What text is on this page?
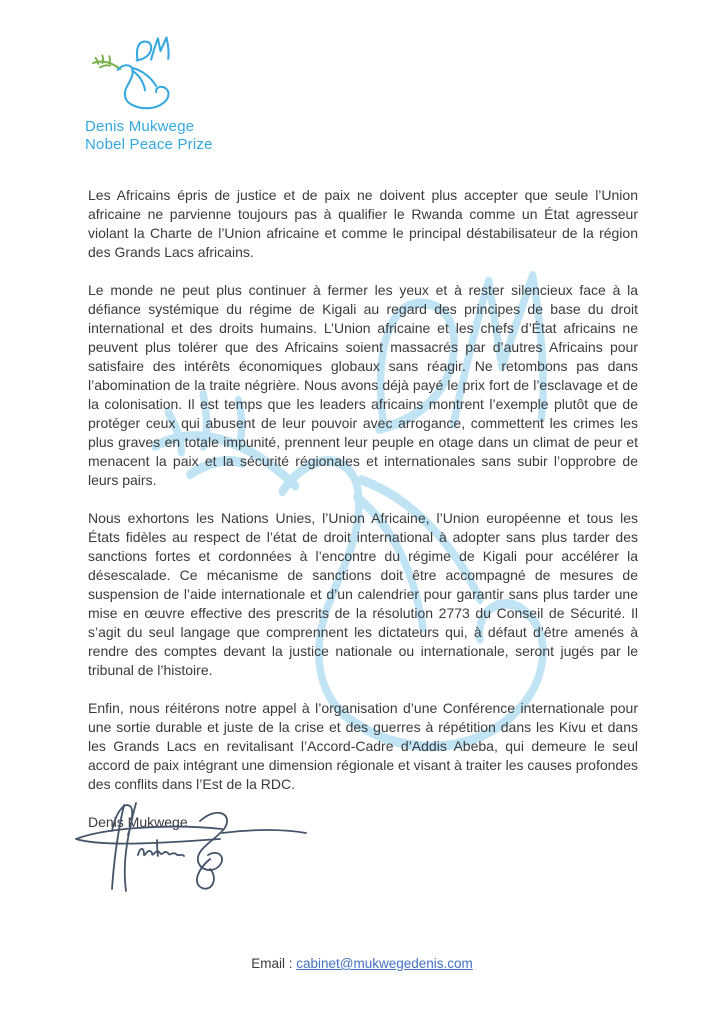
Denis Mukwege
Nobel Peace Prize

Les Africains épris de justice et de paix ne doivent plus accepter que seule l’Union africaine ne parvienne toujours pas à qualifier le Rwanda comme un État agresseur violant la Charte de l’Union africaine et comme le principal déstabilisateur de la région des Grands Lacs africains.

Le monde ne peut plus continuer à fermer les yeux et à rester silencieux face à la défiance systémique du régime de Kigali au regard des principes de base du droit international et des droits humains. L’Union africaine et les chefs d’État africains ne peuvent plus tolérer que des Africains soient massacrés par d’autres Africains pour satisfaire des intérêts économiques globaux sans réagir. Ne retombons pas dans l’abomination de la traite négrière. Nous avons déjà payé le prix fort de l’esclavage et de la colonisation. Il est temps que les leaders africains montrent l’exemple plutôt que de protéger ceux qui abusent de leur pouvoir avec arrogance, commettent les crimes les plus graves en totale impunité, prennent leur peuple en otage dans un climat de peur et menacent la paix et la sécurité régionales et internationales sans subir l’opprobre de leurs pairs.

Nous exhortons les Nations Unies, l’Union Africaine, l’Union européenne et tous les États fidèles au respect de l’état de droit international à adopter sans plus tarder des sanctions fortes et cordonnées à l’encontre du régime de Kigali pour accélérer la désescalade. Ce mécanisme de sanctions doit être accompagné de mesures de suspension de l’aide internationale et d’un calendrier pour garantir sans plus tarder une mise en œuvre effective des prescrits de la résolution 2773 du Conseil de Sécurité. Il s’agit du seul langage que comprennent les dictateurs qui, à défaut d’être amenés à rendre des comptes devant la justice nationale ou internationale, seront jugés par le tribunal de l’histoire.

Enfin, nous réitérons notre appel à l’organisation d’une Conférence internationale pour une sortie durable et juste de la crise et des guerres à répétition dans les Kivu et dans les Grands Lacs en revitalisant l’Accord-Cadre d’Addis Abeba, qui demeure le seul accord de paix intégrant une dimension régionale et visant à traiter les causes profondes des conflits dans l’Est de la RDC.

Denis Mukwege
Email : cabinet@mukwegedenis.com
